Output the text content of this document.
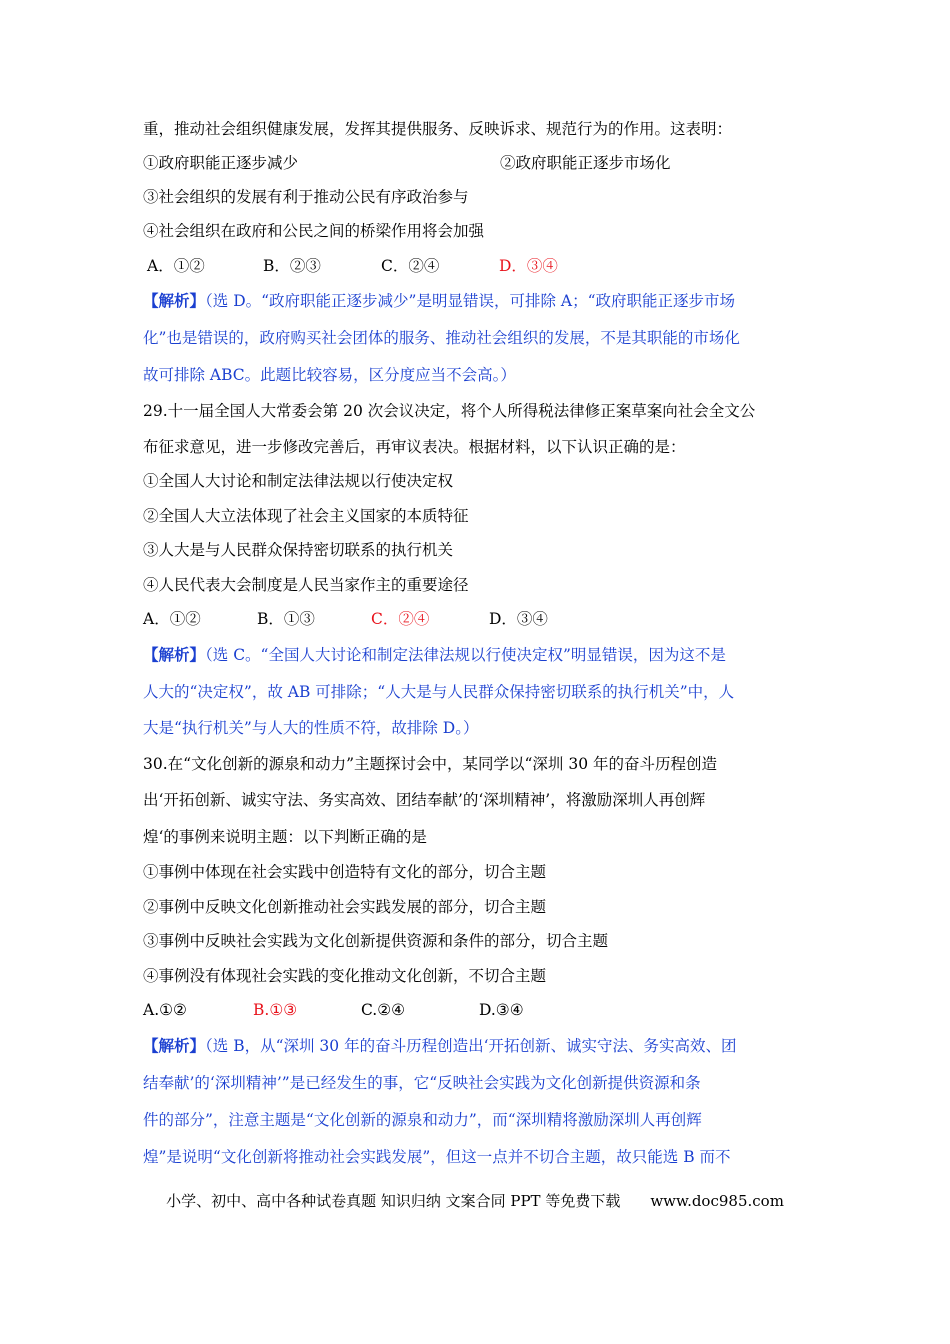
重，推动社会组织健康发展，发挥其提供服务、反映诉求、规范行为的作用。这表明：
①政府职能正逐步减少	②政府职能正逐步市场化
③社会组织的发展有利于推动公民有序政治参与
④社会组织在政府和公民之间的桥梁作用将会加强
A．①②	B．②③	C．②④	D．③④
【解析】（选 D。“政府职能正逐步减少”是明显错误，可排除 A；“政府职能正逐步市场
化”也是错误的，政府购买社会团体的服务、推动社会组织的发展，不是其职能的市场化
故可排除 ABC。此题比较容易，区分度应当不会高。）
29.十一届全国人大常委会第 20 次会议决定，将个人所得税法律修正案草案向社会全文公
布征求意见，进一步修改完善后，再审议表决。根据材料，以下认识正确的是：
①全国人大讨论和制定法律法规以行使决定权
②全国人大立法体现了社会主义国家的本质特征
③人大是与人民群众保持密切联系的执行机关
④人民代表大会制度是人民当家作主的重要途径
A．①②	B．①③	C．②④	D．③④
【解析】（选 C。“全国人大讨论和制定法律法规以行使决定权”明显错误，因为这不是
人大的“决定权”，故 AB 可排除；“人大是与人民群众保持密切联系的执行机关”中，人
大是“执行机关”与人大的性质不符，故排除 D。）
30.在“文化创新的源泉和动力”主题探讨会中，某同学以“深圳 30 年的奋斗历程创造
出‘开拓创新、诚实守法、务实高效、团结奉献’的‘深圳精神’，将激励深圳人再创辉
煌‘的事例来说明主题：以下判断正确的是
①事例中体现在社会实践中创造特有文化的部分，切合主题
②事例中反映文化创新推动社会实践发展的部分，切合主题
③事例中反映社会实践为文化创新提供资源和条件的部分，切合主题
④事例没有体现社会实践的变化推动文化创新，不切合主题
A.①②	B.①③	C.②④	D.③④
【解析】（选 B，从“深圳 30 年的奋斗历程创造出‘开拓创新、诚实守法、务实高效、团
结奉献’的‘深圳精神’”是已经发生的事，它“反映社会实践为文化创新提供资源和条
件的部分”，注意主题是“文化创新的源泉和动力”，而“深圳精将激励深圳人再创辉
煌”是说明“文化创新将推动社会实践发展”，但这一点并不切合主题，故只能选 B 而不
小学、初中、高中各种试卷真题 知识归纳 文案合同 PPT 等免费下载 www.doc985.com
